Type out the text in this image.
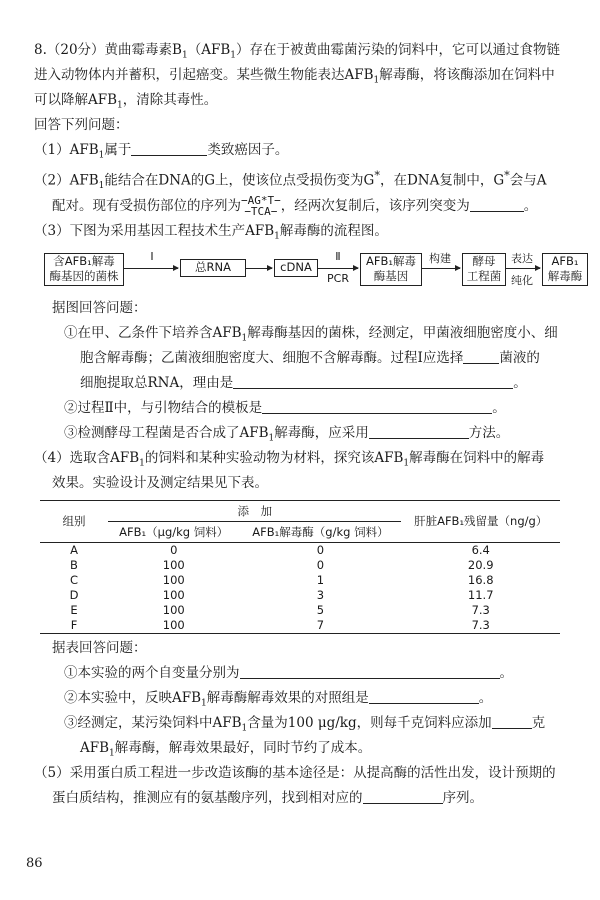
8.（20分）黄曲霉毒素$B_1(AFB_1)$存在于被黄曲霉菌污染的饲料中，它可以通过食物链

进入动物体内并蓄积，引起癌变。某些微生物能表达$AFB_1$解毒酶，将该酶添加在饲料中

可以降解$AFB_1$，清除其毒性。

回答下列问题：

$(1)AFB_1$属于	类致癌因子。

$(2)AFB_1$能结合在DNA的G上，使该位点受损伤变为G*，在DNA复制中，G*会与A

配对。现有受损伤部位的序列为 −AG*T−
−TCA− ，经两次复制后，该序列突变为	。

（3）下图为采用基因工程技术生产$AFB_1$解毒酶的流程图。

含AFB₁解毒
酶基因的菌株
Ⅰ
总RNA	cDNA
Ⅱ
PCR
AFB₁解毒
酶基因
构建	酵母
工程菌
表达
纯化
AFB₁
解毒酶

据图回答问题：

①在甲、乙条件下培养含$AFB_1$解毒酶基因的菌株，经测定，甲菌液细胞密度小、细

胞含解毒酶；乙菌液细胞密度大、细胞不含解毒酶。过程Ⅰ应选择	菌液的

细胞提取总RNA，理由是	。

②过程Ⅱ中，与引物结合的模板是	。

③检测酵母工程菌是否合成了$AFB_1$解毒酶，应采用	方法。

（4）选取含$AFB_1$的饲料和某种实验动物为材料，探究该$AFB_1$解毒酶在饲料中的解毒

效果。实验设计及测定结果见下表。

组别	添　加		肝脏AFB₁残留量（ng/g）
	AFB₁（μg/kg 饲料）	AFB₁解毒酶（g/kg 饲料）	
A	0	0	6.4
B	100	0	20.9
C	100	1	16.8
D	100	3	11.7
E	100	5	7.3
F	100	7	7.3

据表回答问题：

①本实验的两个自变量分别为	。

②本实验中，反映$AFB_1$解毒酶解毒效果的对照组是	。

③经测定，某污染饲料中$AFB_1$含量为100 μg/kg，则每千克饲料应添加	克

$AFB_1$解毒酶，解毒效果最好，同时节约了成本。

（5）采用蛋白质工程进一步改造该酶的基本途径是：从提高酶的活性出发，设计预期的

蛋白质结构，推测应有的氨基酸序列，找到相对应的	序列。

86
